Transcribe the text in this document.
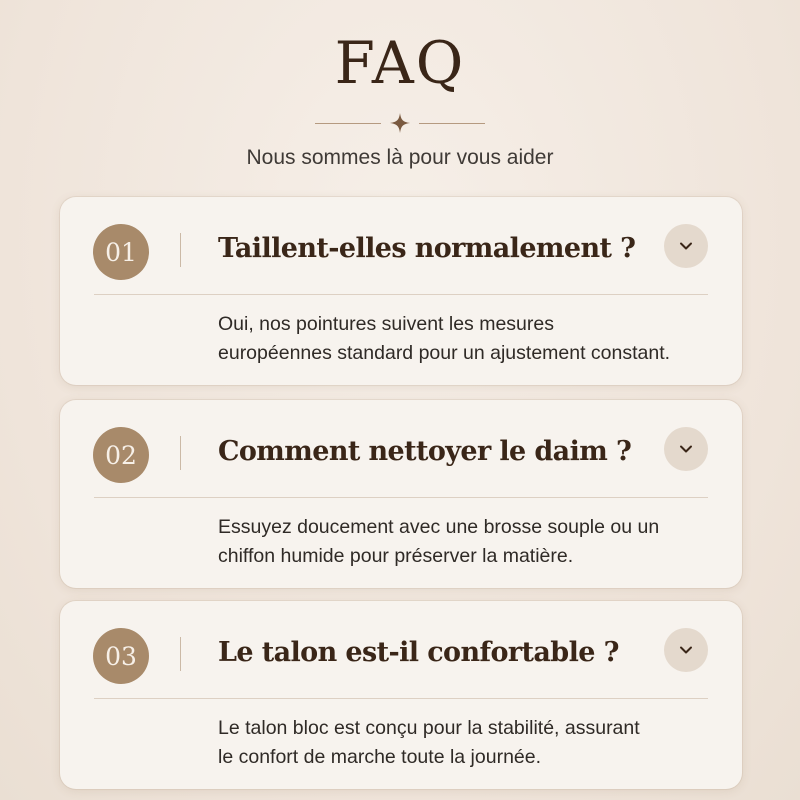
FAQ
Nous sommes là pour vous aider
01	Taillent-elles normalement ?
Oui, nos pointures suivent les mesures
européennes standard pour un ajustement constant.
02	Comment nettoyer le daim ?
Essuyez doucement avec une brosse souple ou un
chiffon humide pour préserver la matière.
03	Le talon est-il confortable ?
Le talon bloc est conçu pour la stabilité, assurant
le confort de marche toute la journée.
